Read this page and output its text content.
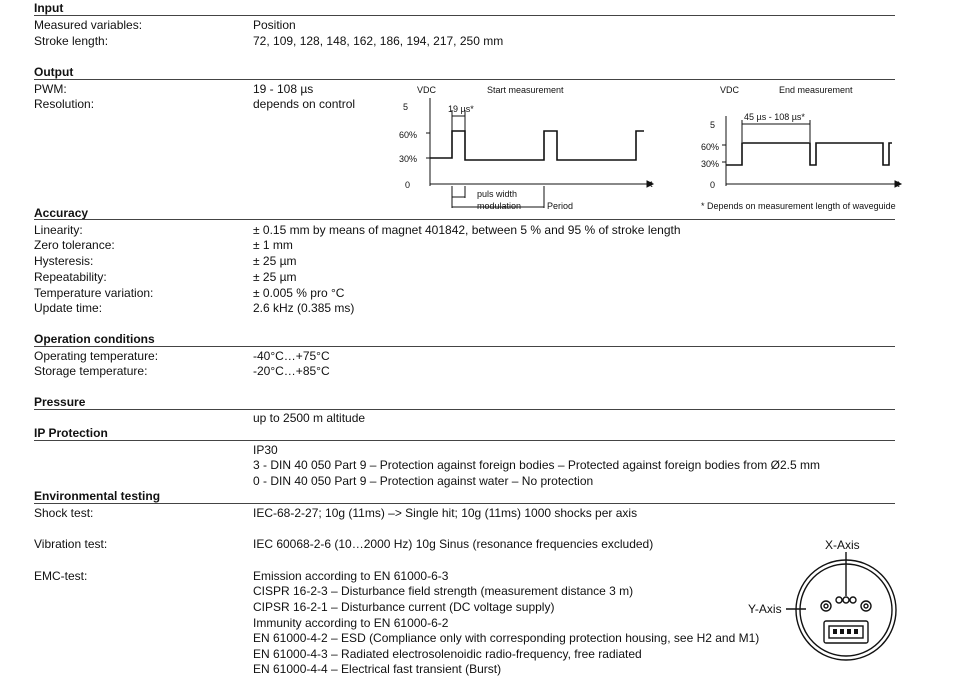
Input
Measured variables:	Position
Stroke length:	72, 109, 128, 148, 162, 186, 194, 217, 250 mm
Output
PWM:	19 - 108 µs
Resolution:	depends on control
VDC	Start measurement
5
60%
30%
0
19 µs*
puls width
modulation	Period
VDC	End measurement
5
60%
30%
0
45 µs - 108 µs*
* Depends on measurement length of waveguide
Accuracy
Linearity:	± 0.15 mm by means of magnet 401842, between 5 % and 95 % of stroke length
Zero tolerance:	± 1 mm
Hysteresis:	± 25 µm
Repeatability:	± 25 µm
Temperature variation:	± 0.005 % pro °C
Update time:	2.6 kHz (0.385 ms)
Operation conditions
Operating temperature:	-40°C…+75°C
Storage temperature:	-20°C…+85°C
Pressure
up to 2500 m altitude
IP Protection
IP30
3 - DIN 40 050 Part 9 – Protection against foreign bodies – Protected against foreign bodies from Ø2.5 mm
0 - DIN 40 050 Part 9 – Protection against water – No protection
Environmental testing
Shock test:	IEC-68-2-27; 10g (11ms) –> Single hit; 10g (11ms) 1000 shocks per axis
Vibration test:	IEC 60068-2-6 (10…2000 Hz) 10g Sinus (resonance frequencies excluded)
EMC-test:	Emission according to EN 61000-6-3
CISPR 16-2-3 – Disturbance field strength (measurement distance 3 m)
CIPSR 16-2-1 – Disturbance current (DC voltage supply)
Immunity according to EN 61000-6-2
EN 61000-4-2 – ESD (Compliance only with corresponding protection housing, see H2 and M1)
EN 61000-4-3 – Radiated electrosolenoidic radio-frequency, free radiated
EN 61000-4-4 – Electrical fast transient (Burst)
X-Axis
Y-Axis
